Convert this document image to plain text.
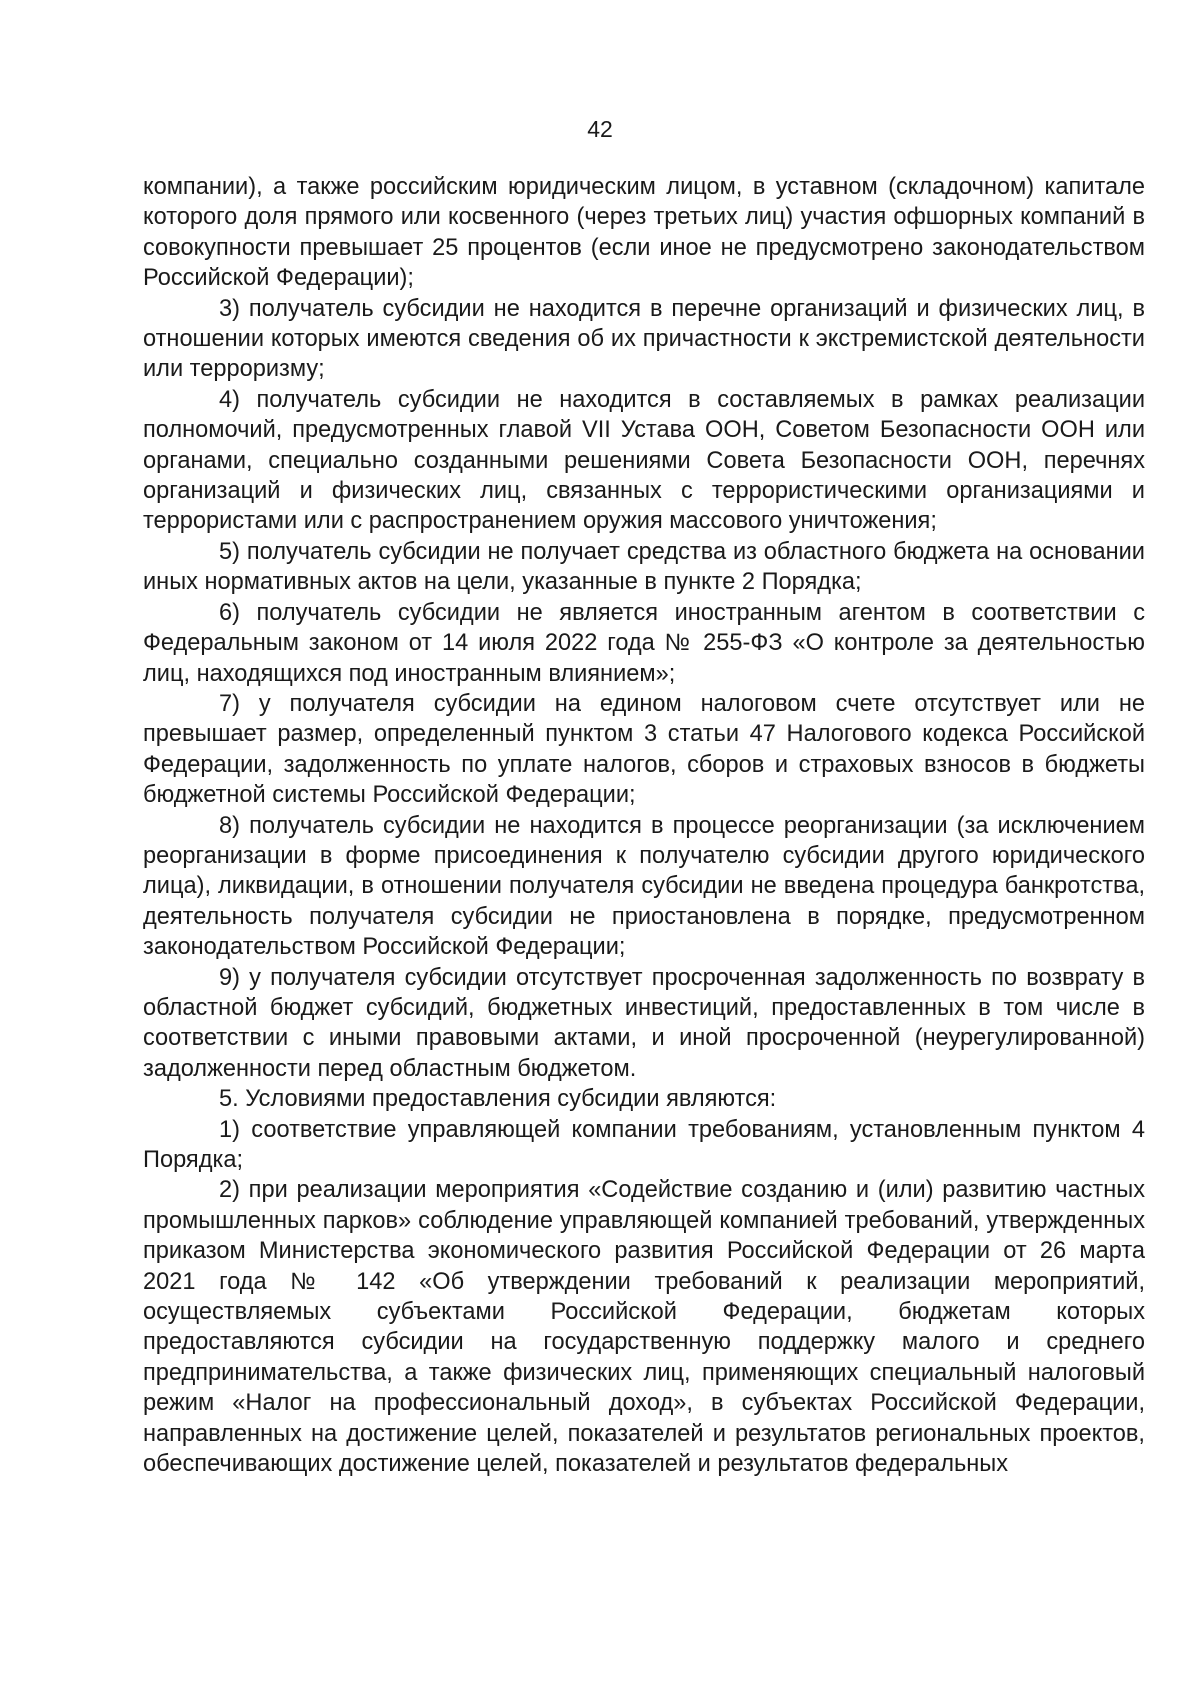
42

компании), а также российским юридическим лицом, в уставном (складочном) капитале которого доля прямого или косвенного (через третьих лиц) участия офшорных компаний в совокупности превышает 25 процентов (если иное не предусмотрено законодательством Российской Федерации);

3) получатель субсидии не находится в перечне организаций и физических лиц, в отношении которых имеются сведения об их причастности к экстремистской деятельности или терроризму;

4) получатель субсидии не находится в составляемых в рамках реализации полномочий, предусмотренных главой VII Устава ООН, Советом Безопасности ООН или органами, специально созданными решениями Совета Безопасности ООН, перечнях организаций и физических лиц, связанных с террористическими организациями и террористами или с распространением оружия массового уничтожения;

5) получатель субсидии не получает средства из областного бюджета на основании иных нормативных актов на цели, указанные в пункте 2 Порядка;

6) получатель субсидии не является иностранным агентом в соответствии с Федеральным законом от 14 июля 2022 года № 255-ФЗ «О контроле за деятельностью лиц, находящихся под иностранным влиянием»;

7) у получателя субсидии на едином налоговом счете отсутствует или не превышает размер, определенный пунктом 3 статьи 47 Налогового кодекса Российской Федерации, задолженность по уплате налогов, сборов и страховых взносов в бюджеты бюджетной системы Российской Федерации;

8) получатель субсидии не находится в процессе реорганизации (за исключением реорганизации в форме присоединения к получателю субсидии другого юридического лица), ликвидации, в отношении получателя субсидии не введена процедура банкротства, деятельность получателя субсидии не приостановлена в порядке, предусмотренном законодательством Российской Федерации;

9) у получателя субсидии отсутствует просроченная задолженность по возврату в областной бюджет субсидий, бюджетных инвестиций, предоставленных в том числе в соответствии с иными правовыми актами, и иной просроченной (неурегулированной) задолженности перед областным бюджетом.

5. Условиями предоставления субсидии являются:

1) соответствие управляющей компании требованиям, установленным пунктом 4 Порядка;

2) при реализации мероприятия «Содействие созданию и (или) развитию частных промышленных парков» соблюдение управляющей компанией требований, утвержденных приказом Министерства экономического развития Российской Федерации от 26 марта 2021 года № 142 «Об утверждении требований к реализации мероприятий, осуществляемых субъектами Российской Федерации, бюджетам которых предоставляются субсидии на государственную поддержку малого и среднего предпринимательства, а также физических лиц, применяющих специальный налоговый режим «Налог на профессиональный доход», в субъектах Российской Федерации, направленных на достижение целей, показателей и результатов региональных проектов, обеспечивающих достижение целей, показателей и результатов федеральных
